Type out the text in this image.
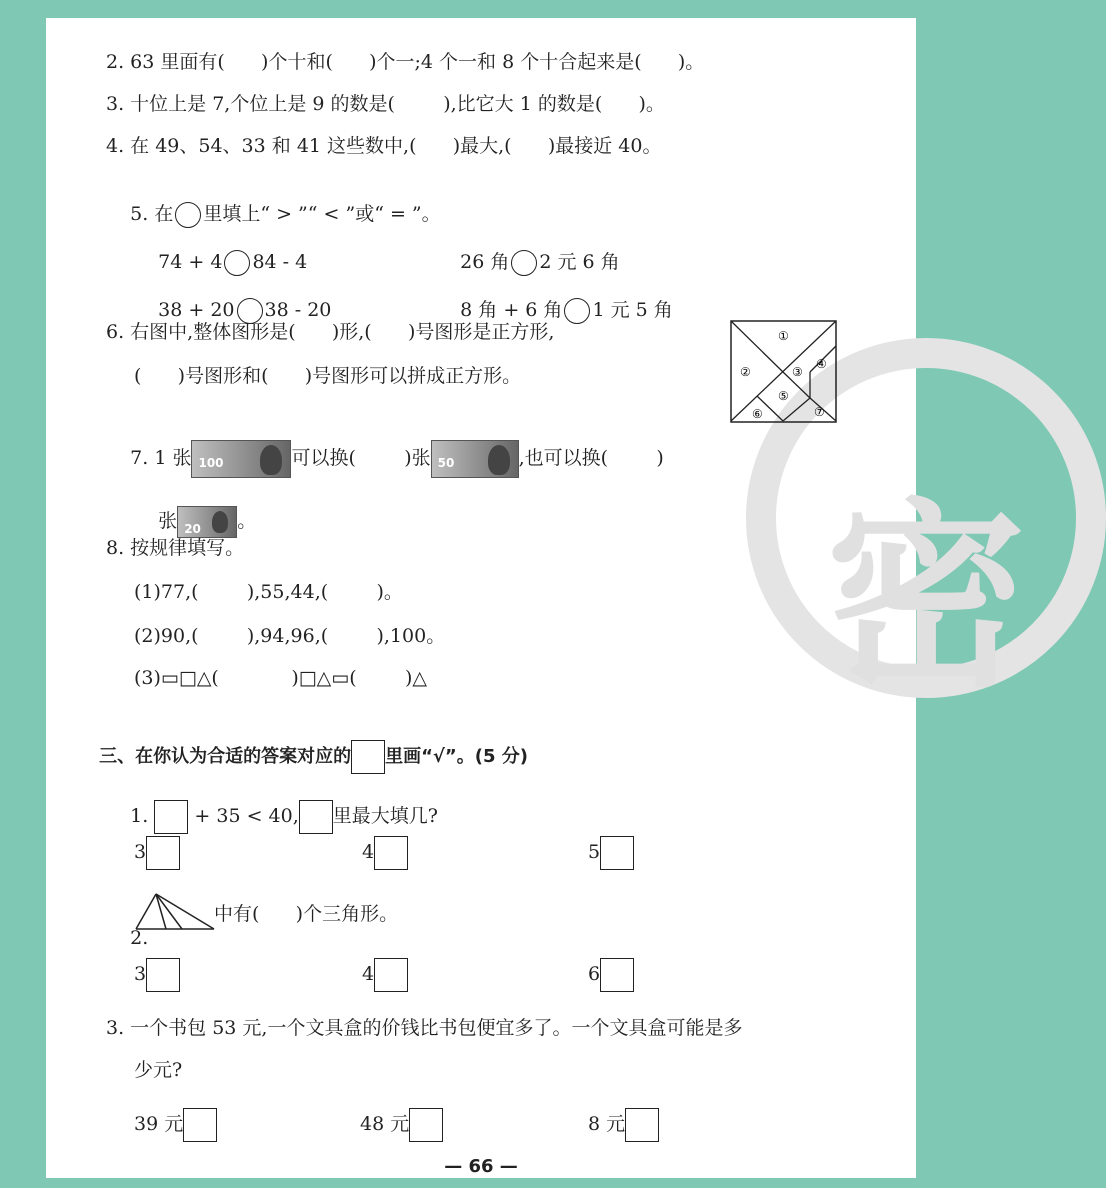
密
2. 63 里面有(      )个十和(      )个一;4 个一和 8 个十合起来是(      )。
3. 十位上是 7,个位上是 9 的数是(        ),比它大 1 的数是(      )。
4. 在 49、54、33 和 41 这些数中,(      )最大,(      )最接近 40。

5. 在 里填上“ > ”“ < ”或“ = ”。

74 + 4 84 - 4
	26 角 2 元 6 角

38 + 20 38 - 20
	8 角 + 6 角 1 元 5 角

6. 右图中,整体图形是(      )形,(      )号图形是正方形,
(      )号图形和(      )号图形可以拼成正方形。
①
②	③
④
⑤
⑥	⑦

7. 1 张 100	可以换(        )张 50	,也可以换(        )

张 20 。

8. 按规律填写。
(1)77,(        ),55,44,(        )。
(2)90,(        ),94,96,(        ),100。
(3)▭□△(            )□△▭(        )△

三、在你认为合适的答案对应的 里画“√”。(5 分)

1. + 35 < 40, 里最大填几?

3	4	5

2.

中有(      )个三角形。
3	4	6
3. 一个书包 53 元,一个文具盒的价钱比书包便宜多了。一个文具盒可能是多
少元?
39 元	48 元	8 元
— 66 —
